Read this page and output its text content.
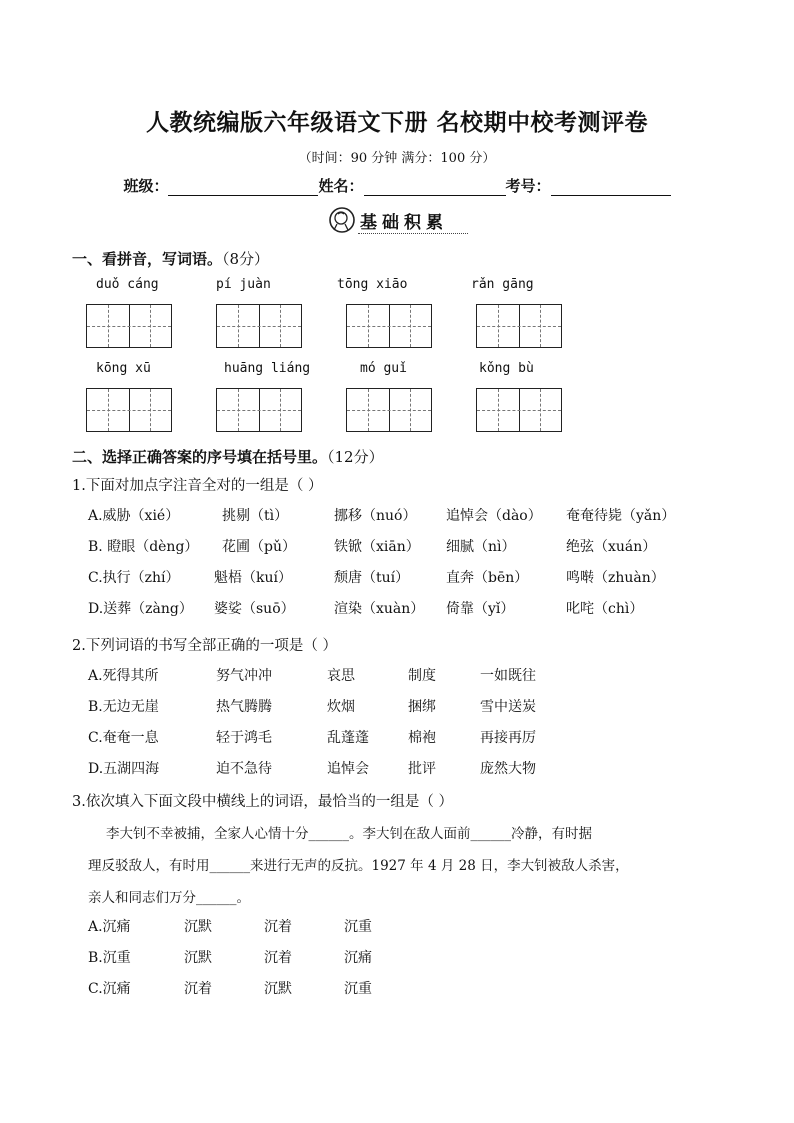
人教统编版六年级语文下册 名校期中校考测评卷
（时间：90 分钟 满分：100 分）
班级：	姓名：	考号：
基础积累
一、看拼音，写词语。（8分）
duǒ cáng	pí juàn	tōng xiāo	rǎn gāng
kōng xū	huāng liáng	mó guǐ	kǒng bù
二、选择正确答案的序号填在括号里。（12分）
1.下面对加点字注音全对的一组是（ ）
A.威胁（xié）	挑剔（tì）	挪移（nuó） 追悼会（dào） 奄奄待毙（yǎn）
B. 瞪眼（dèng） 花圃（pǔ）	铁锨（xiān） 细腻（nì）	绝弦（xuán）
C.执行（zhí） 魁梧（kuí）	颓唐（tuí）	直奔（bēn）	鸣啭（zhuàn）
D.送葬（zàng） 婆娑（suō）	渲染（xuàn） 倚靠（yǐ）	叱咤（chì）
2.下列词语的书写全部正确的一项是（ ）
A.死得其所	努气冲冲	哀思	制度	一如既往
B.无边无崖	热气腾腾	炊烟	捆绑	雪中送炭
C.奄奄一息	轻于鸿毛	乱蓬蓬	棉袍	再接再厉
D.五湖四海	迫不急待	追悼会	批评	庞然大物
3.依次填入下面文段中横线上的词语，最恰当的一组是（ ）
李大钊不幸被捕，全家人心情十分______。李大钊在敌人面前______冷静，有时据
理反驳敌人，有时用______来进行无声的反抗。1927 年 4 月 28 日，李大钊被敌人杀害，
亲人和同志们万分______。
A.沉痛	沉默	沉着	沉重
B.沉重	沉默	沉着	沉痛
C.沉痛	沉着	沉默	沉重
